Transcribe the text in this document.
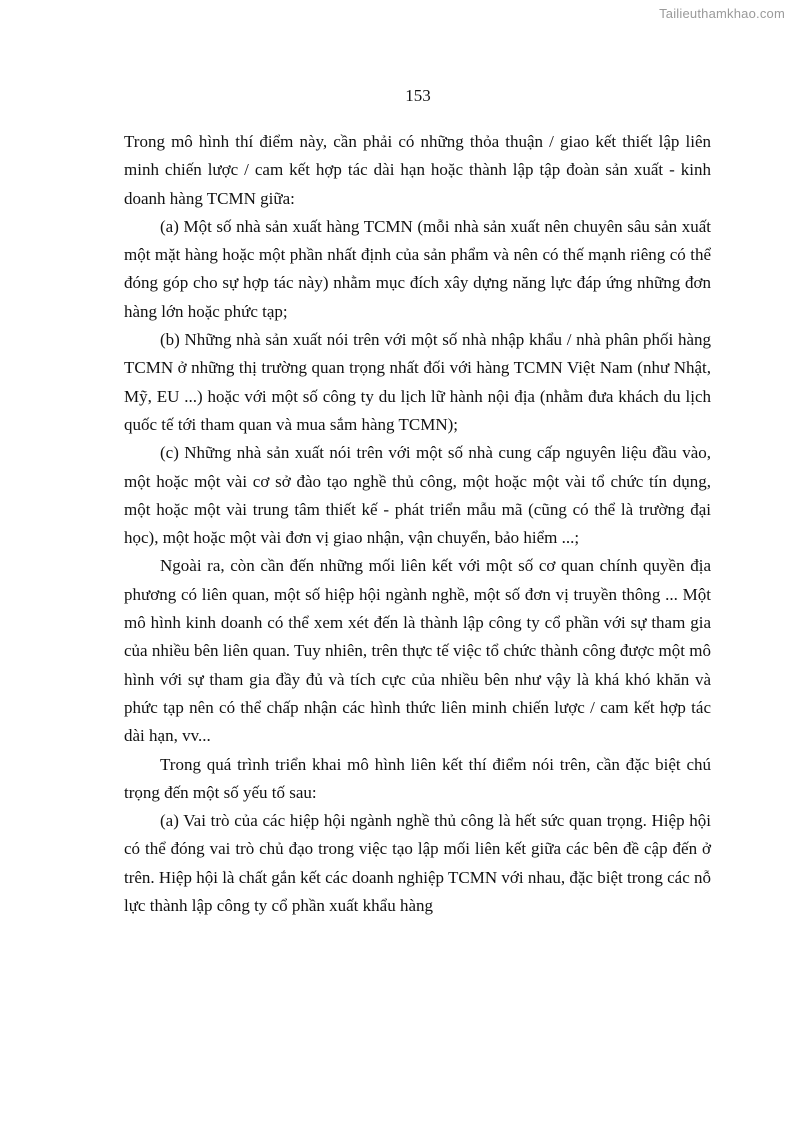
Tailieuthamkhao.com
153

Trong mô hình thí điểm này, cần phải có những thỏa thuận / giao kết thiết lập liên minh chiến lược / cam kết hợp tác dài hạn hoặc thành lập tập đoàn sản xuất - kinh doanh hàng TCMN giữa:

(a) Một số nhà sản xuất hàng TCMN (mỗi nhà sản xuất nên chuyên sâu sản xuất một mặt hàng hoặc một phần nhất định của sản phẩm và nên có thế mạnh riêng có thể đóng góp cho sự hợp tác này) nhằm mục đích xây dựng năng lực đáp ứng những đơn hàng lớn hoặc phức tạp;

(b) Những nhà sản xuất nói trên với một số nhà nhập khẩu / nhà phân phối hàng TCMN ở những thị trường quan trọng nhất đối với hàng TCMN Việt Nam (như Nhật, Mỹ, EU ...) hoặc với một số công ty du lịch lữ hành nội địa (nhằm đưa khách du lịch quốc tế tới tham quan và mua sắm hàng TCMN);

(c) Những nhà sản xuất nói trên với một số nhà cung cấp nguyên liệu đầu vào, một hoặc một vài cơ sở đào tạo nghề thủ công, một hoặc một vài tổ chức tín dụng, một hoặc một vài trung tâm thiết kế - phát triển mẫu mã (cũng có thể là trường đại học), một hoặc một vài đơn vị giao nhận, vận chuyển, bảo hiểm ...;

Ngoài ra, còn cần đến những mối liên kết với một số cơ quan chính quyền địa phương có liên quan, một số hiệp hội ngành nghề, một số đơn vị truyền thông ... Một mô hình kinh doanh có thể xem xét đến là thành lập công ty cổ phần với sự tham gia của nhiều bên liên quan. Tuy nhiên, trên thực tế việc tổ chức thành công được một mô hình với sự tham gia đầy đủ và tích cực của nhiều bên như vậy là khá khó khăn và phức tạp nên có thể chấp nhận các hình thức liên minh chiến lược / cam kết hợp tác dài hạn, vv...

Trong quá trình triển khai mô hình liên kết thí điểm nói trên, cần đặc biệt chú trọng đến một số yếu tố sau:

(a) Vai trò của các hiệp hội ngành nghề thủ công là hết sức quan trọng. Hiệp hội có thể đóng vai trò chủ đạo trong việc tạo lập mối liên kết giữa các bên đề cập đến ở trên. Hiệp hội là chất gắn kết các doanh nghiệp TCMN với nhau, đặc biệt trong các nỗ lực thành lập công ty cổ phần xuất khẩu hàng
